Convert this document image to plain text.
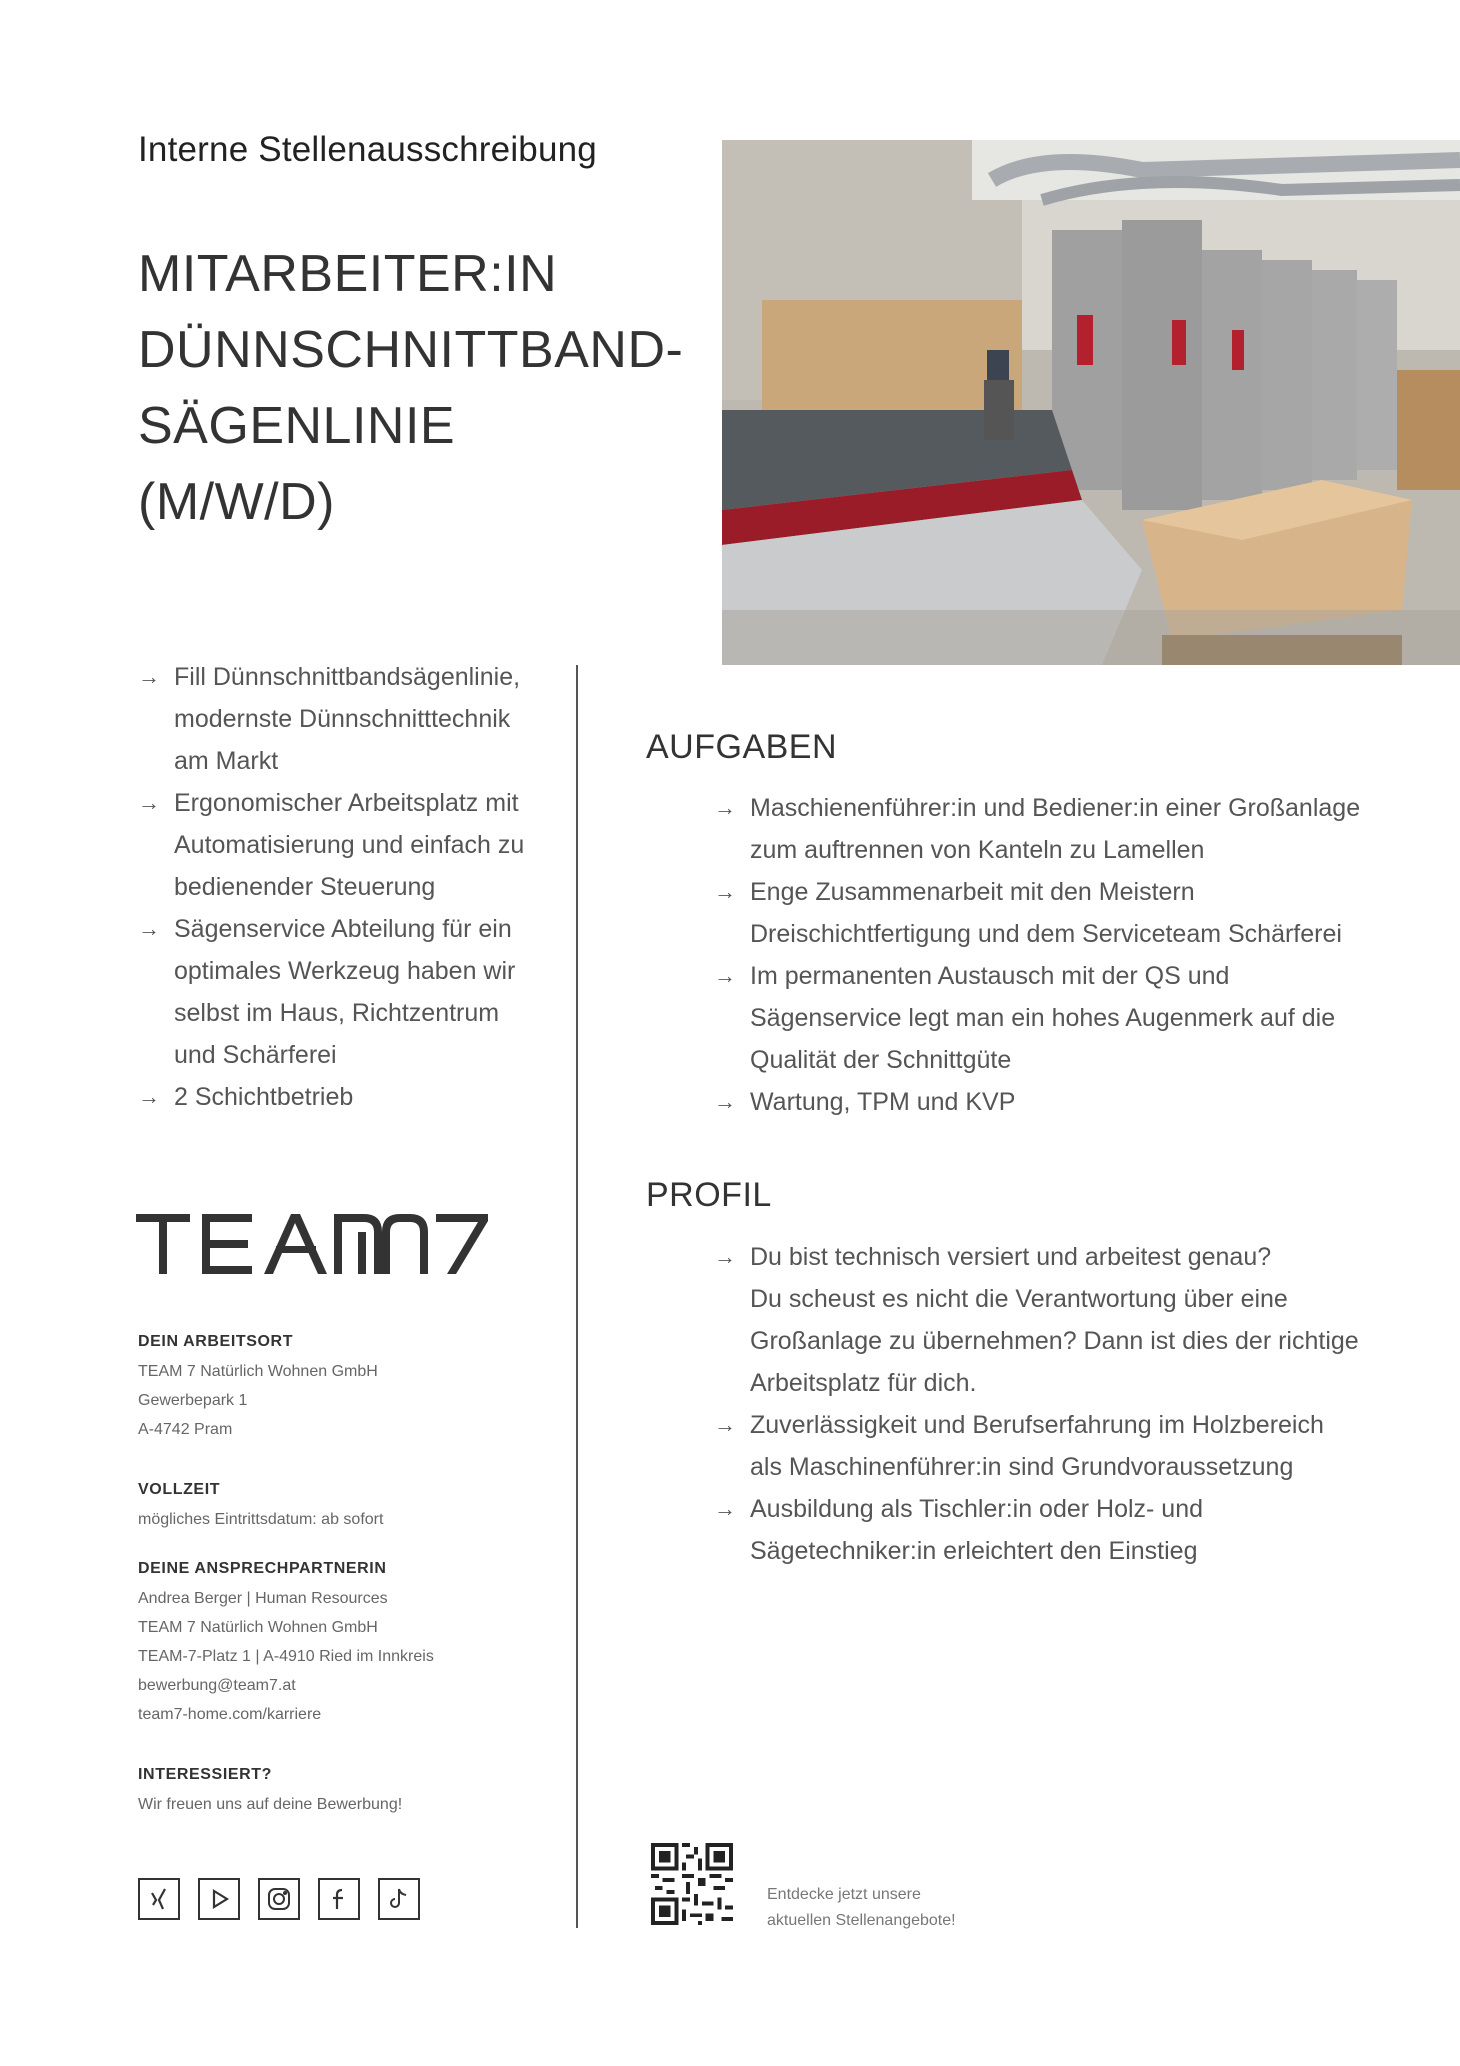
Interne Stellenausschreibung
MITARBEITER:IN
DÜNNSCHNITTBAND-
SÄGENLINIE
(M/W/D)
→ Fill Dünnschnittbandsägenlinie,
modernste Dünnschnitttechnik
am Markt
→ Ergonomischer Arbeitsplatz mit
Automatisierung und einfach zu
bedienender Steuerung
→ Sägenservice Abteilung für ein
optimales Werkzeug haben wir
selbst im Haus, Richtzentrum
und Schärferei
→ 2 Schichtbetrieb
AUFGABEN
→ Maschienenführer:in und Bediener:in einer Großanlage
zum auftrennen von Kanteln zu Lamellen
→ Enge Zusammenarbeit mit den Meistern
Dreischichtfertigung und dem Serviceteam Schärferei
→ Im permanenten Austausch mit der QS und
Sägenservice legt man ein hohes Augenmerk auf die
Qualität der Schnittgüte
→ Wartung, TPM und KVP
PROFIL
→ Du bist technisch versiert und arbeitest genau?
Du scheust es nicht die Verantwortung über eine
Großanlage zu übernehmen? Dann ist dies der richtige
Arbeitsplatz für dich.
→ Zuverlässigkeit und Berufserfahrung im Holzbereich
als Maschinenführer:in sind Grundvoraussetzung
→ Ausbildung als Tischler:in oder Holz- und
Sägetechniker:in erleichtert den Einstieg
DEIN ARBEITSORT
TEAM 7 Natürlich Wohnen GmbH
Gewerbepark 1
A-4742 Pram
VOLLZEIT
mögliches Eintrittsdatum: ab sofort
DEINE ANSPRECHPARTNERIN
Andrea Berger | Human Resources
TEAM 7 Natürlich Wohnen GmbH
TEAM-7-Platz 1 | A-4910 Ried im Innkreis
bewerbung@team7.at
team7-home.com/karriere
INTERESSIERT?
Wir freuen uns auf deine Bewerbung!
Entdecke jetzt unsere
aktuellen Stellenangebote!
